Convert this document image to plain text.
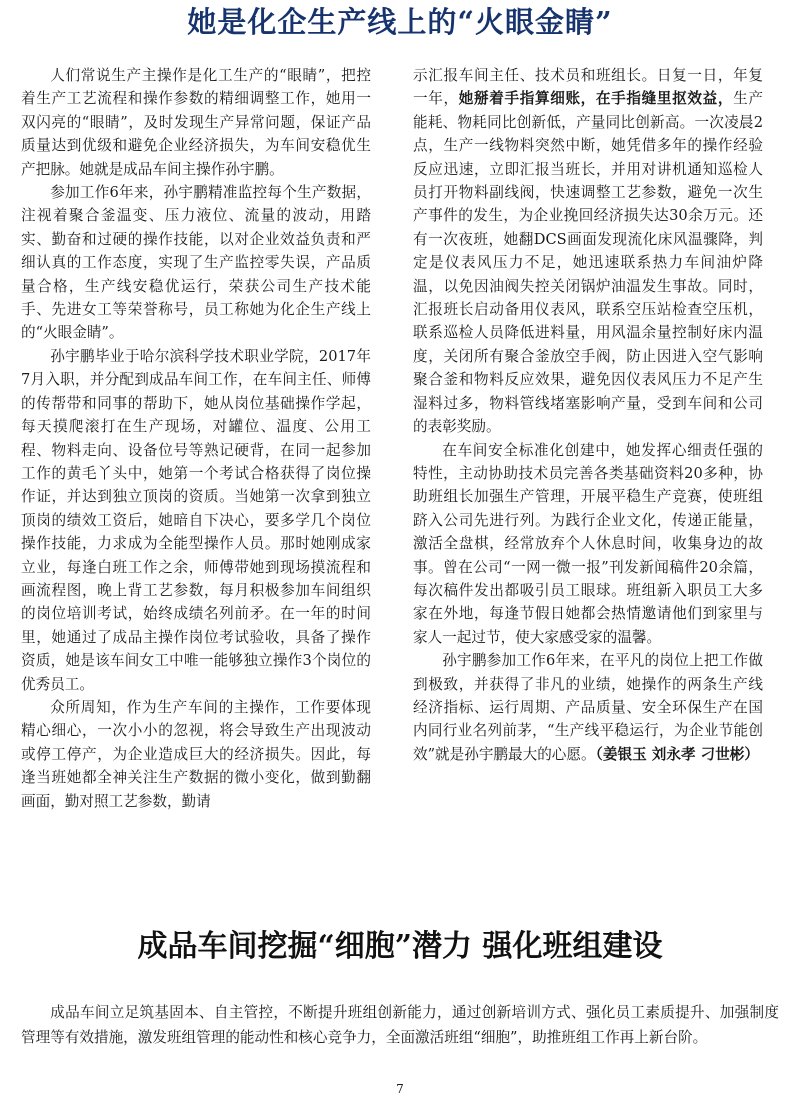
她是化企生产线上的“火眼金睛”

人们常说生产主操作是化工生产的“眼睛”，把控着生产工艺流程和操作参数的精细调整工作，她用一双闪亮的“眼睛”，及时发现生产异常问题，保证产品质量达到优级和避免企业经济损失，为车间安稳优生产把脉。她就是成品车间主操作孙宇鹏。

参加工作6年来，孙宇鹏精准监控每个生产数据，注视着聚合釜温变、压力液位、流量的波动，用踏实、勤奋和过硬的操作技能，以对企业效益负责和严细认真的工作态度，实现了生产监控零失误，产品质量合格，生产线安稳优运行，荣获公司生产技术能手、先进女工等荣誉称号，员工称她为化企生产线上的“火眼金睛”。

孙宇鹏毕业于哈尔滨科学技术职业学院，2017年7月入职，并分配到成品车间工作，在车间主任、师傅的传帮带和同事的帮助下，她从岗位基础操作学起，每天摸爬滚打在生产现场，对罐位、温度、公用工程、物料走向、设备位号等熟记硬背，在同一起参加工作的黄毛丫头中，她第一个考试合格获得了岗位操作证，并达到独立顶岗的资质。当她第一次拿到独立顶岗的绩效工资后，她暗自下决心，要多学几个岗位操作技能，力求成为全能型操作人员。那时她刚成家立业，每逢白班工作之余，师傅带她到现场摸流程和画流程图，晚上背工艺参数，每月积极参加车间组织的岗位培训考试，始终成绩名列前矛。在一年的时间里，她通过了成品主操作岗位考试验收，具备了操作资质，她是该车间女工中唯一能够独立操作3个岗位的优秀员工。

众所周知，作为生产车间的主操作，工作要体现精心细心，一次小小的忽视，将会导致生产出现波动或停工停产，为企业造成巨大的经济损失。因此，每逢当班她都全神关注生产数据的微小变化，做到勤翻画面，勤对照工艺参数，勤请

示汇报车间主任、技术员和班组长。日复一日，年复一年，她掰着手指算细账，在手指缝里抠效益，生产能耗、物耗同比创新低，产量同比创新高。一次凌晨2点，生产一线物料突然中断，她凭借多年的操作经验反应迅速，立即汇报当班长，并用对讲机通知巡检人员打开物料副线阀，快速调整工艺参数，避免一次生产事件的发生，为企业挽回经济损失达30余万元。还有一次夜班，她翻DCS画面发现流化床风温骤降，判定是仪表风压力不足，她迅速联系热力车间油炉降温，以免因油阀失控关闭锅炉油温发生事故。同时，汇报班长启动备用仪表风，联系空压站检查空压机，联系巡检人员降低进料量，用风温余量控制好床内温度，关闭所有聚合釜放空手阀，防止因进入空气影响聚合釜和物料反应效果，避免因仪表风压力不足产生湿料过多，物料管线堵塞影响产量，受到车间和公司的表彰奖励。

在车间安全标准化创建中，她发挥心细责任强的特性，主动协助技术员完善各类基础资料20多种，协助班组长加强生产管理，开展平稳生产竞赛，使班组跻入公司先进行列。为践行企业文化，传递正能量，激活全盘棋，经常放弃个人休息时间，收集身边的故事。曾在公司“一网一微一报”刊发新闻稿件20余篇，每次稿件发出都吸引员工眼球。班组新入职员工大多家在外地，每逢节假日她都会热情邀请他们到家里与家人一起过节，使大家感受家的温馨。

孙宇鹏参加工作6年来，在平凡的岗位上把工作做到极致，并获得了非凡的业绩，她操作的两条生产线经济指标、运行周期、产品质量、安全环保生产在国内同行业名列前茅，“生产线平稳运行，为企业节能创效”就是孙宇鹏最大的心愿。（姜银玉 刘永孝 刁世彬）

成品车间挖掘“细胞”潜力 强化班组建设

成品车间立足筑基固本、自主管控，不断提升班组创新能力，通过创新培训方式、强化员工素质提升、加强制度管理等有效措施，激发班组管理的能动性和核心竞争力，全面激活班组“细胞”，助推班组工作再上新台阶。

7
